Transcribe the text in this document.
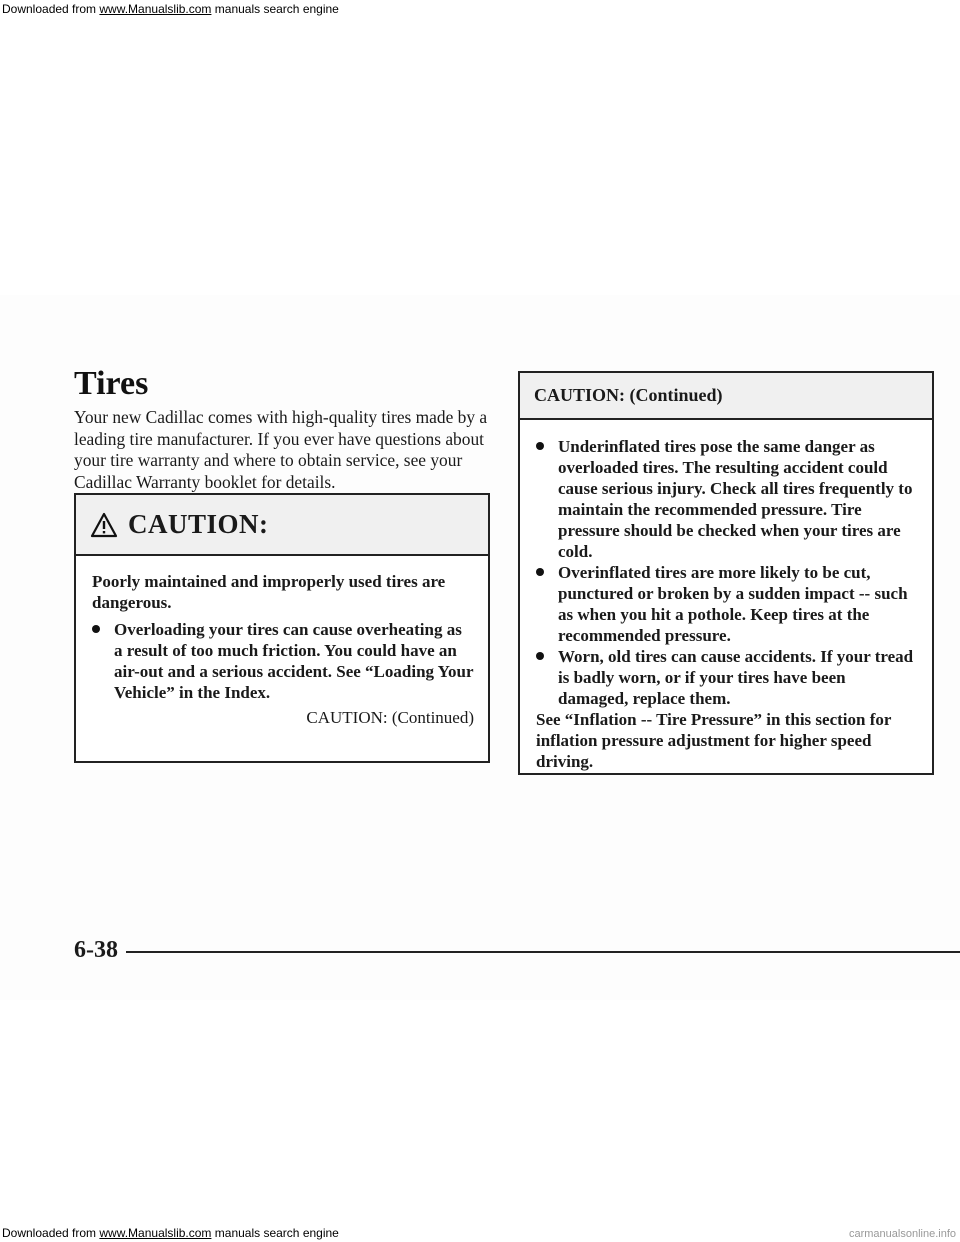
Downloaded from www.Manualslib.com manuals search engine
Tires

Your new Cadillac comes with high-quality tires made by a leading tire manufacturer. If you ever have questions about your tire warranty and where to obtain service, see your Cadillac Warranty booklet for details.

CAUTION:

Poorly maintained and improperly used tires are dangerous.

Overloading your tires can cause overheating as a result of too much friction. You could have an air-out and a serious accident. See “Loading Your Vehicle” in the Index.

CAUTION: (Continued)

CAUTION: (Continued)
Underinflated tires pose the same danger as overloaded tires. The resulting accident could cause serious injury. Check all tires frequently to maintain the recommended pressure. Tire pressure should be checked when your tires are cold.
Overinflated tires are more likely to be cut, punctured or broken by a sudden impact -- such as when you hit a pothole. Keep tires at the recommended pressure.
Worn, old tires can cause accidents. If your tread is badly worn, or if your tires have been damaged, replace them.

See “Inflation -- Tire Pressure” in this section for inflation pressure adjustment for higher speed driving.

6-38
Downloaded from www.Manualslib.com manuals search engine	carmanualsonline.info
